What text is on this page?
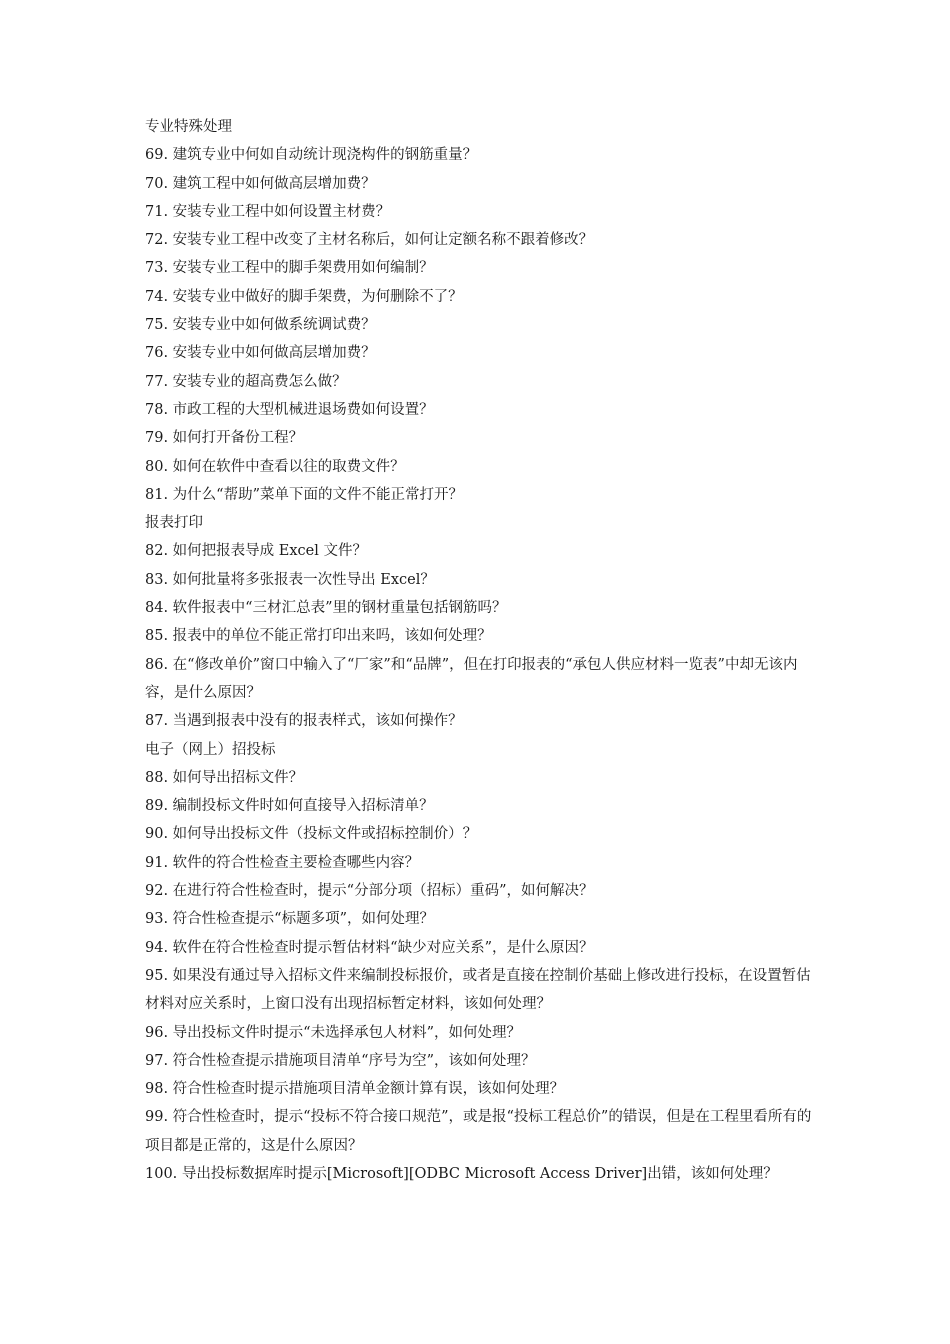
专业特殊处理

69. 建筑专业中何如自动统计现浇构件的钢筋重量？

70. 建筑工程中如何做高层增加费？

71. 安装专业工程中如何设置主材费？

72. 安装专业工程中改变了主材名称后，如何让定额名称不跟着修改？

73. 安装专业工程中的脚手架费用如何编制？

74. 安装专业中做好的脚手架费，为何删除不了？

75. 安装专业中如何做系统调试费？

76. 安装专业中如何做高层增加费？

77. 安装专业的超高费怎么做？

78. 市政工程的大型机械进退场费如何设置？

79. 如何打开备份工程？

80. 如何在软件中查看以往的取费文件？

81. 为什么“帮助”菜单下面的文件不能正常打开？

报表打印

82. 如何把报表导成 Excel 文件？

83. 如何批量将多张报表一次性导出 Excel？

84. 软件报表中“三材汇总表”里的钢材重量包括钢筋吗？

85. 报表中的单位不能正常打印出来吗，该如何处理？

86. 在“修改单价”窗口中输入了“厂家”和“品牌”，但在打印报表的“承包人供应材料一览表”中却无该内容，是什么原因？

87. 当遇到报表中没有的报表样式，该如何操作？

电子（网上）招投标

88. 如何导出招标文件？

89. 编制投标文件时如何直接导入招标清单？

90. 如何导出投标文件（投标文件或招标控制价）？

91. 软件的符合性检查主要检查哪些内容？

92. 在进行符合性检查时，提示“分部分项（招标）重码”，如何解决？

93. 符合性检查提示“标题多项”，如何处理？

94. 软件在符合性检查时提示暂估材料“缺少对应关系”，是什么原因？

95. 如果没有通过导入招标文件来编制投标报价，或者是直接在控制价基础上修改进行投标，在设置暂估材料对应关系时，上窗口没有出现招标暂定材料，该如何处理？

96. 导出投标文件时提示“未选择承包人材料”，如何处理？

97. 符合性检查提示措施项目清单“序号为空”，该如何处理？

98. 符合性检查时提示措施项目清单金额计算有误，该如何处理？

99. 符合性检查时，提示“投标不符合接口规范”，或是报“投标工程总价”的错误，但是在工程里看所有的项目都是正常的，这是什么原因？

100. 导出投标数据库时提示[Microsoft][ODBC Microsoft Access Driver]出错，该如何处理？
